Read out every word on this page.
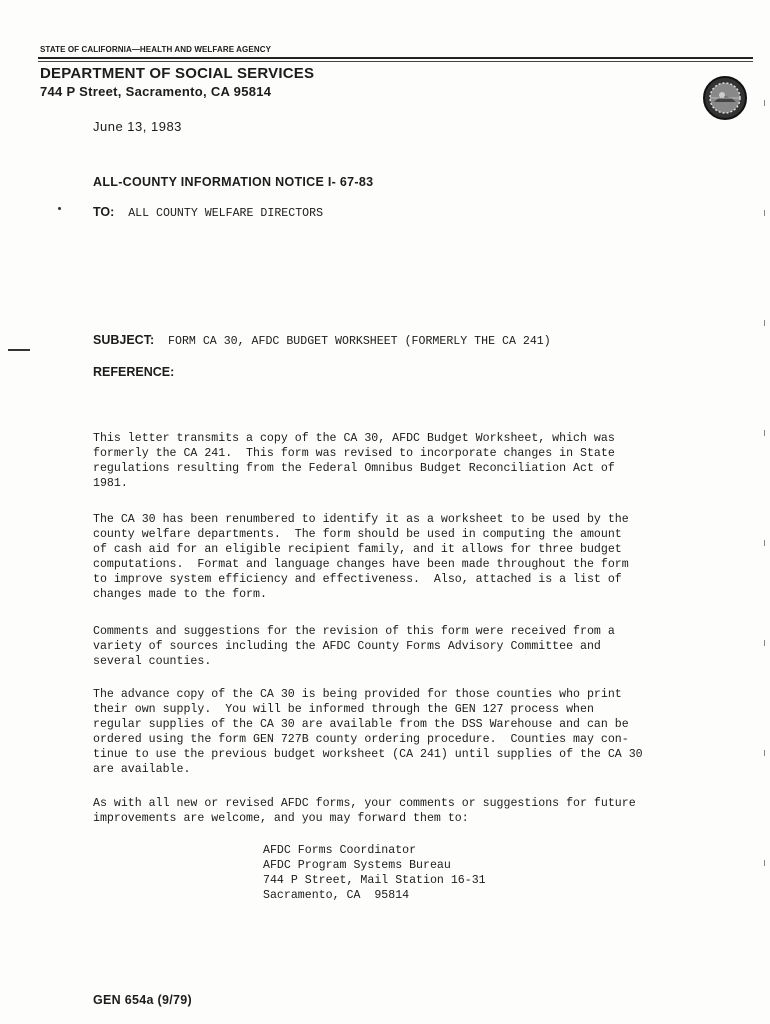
STATE OF CALIFORNIA—HEALTH AND WELFARE AGENCY
DEPARTMENT OF SOCIAL SERVICES
744 P Street, Sacramento, CA 95814
June 13, 1983
ALL-COUNTY INFORMATION NOTICE I- 67-83
TO: ALL COUNTY WELFARE DIRECTORS
SUBJECT: FORM CA 30, AFDC BUDGET WORKSHEET (FORMERLY THE CA 241)
REFERENCE:
This letter transmits a copy of the CA 30, AFDC Budget Worksheet, which was
formerly the CA 241.  This form was revised to incorporate changes in State
regulations resulting from the Federal Omnibus Budget Reconciliation Act of
1981.
The CA 30 has been renumbered to identify it as a worksheet to be used by the
county welfare departments.  The form should be used in computing the amount
of cash aid for an eligible recipient family, and it allows for three budget
computations.  Format and language changes have been made throughout the form
to improve system efficiency and effectiveness.  Also, attached is a list of
changes made to the form.
Comments and suggestions for the revision of this form were received from a
variety of sources including the AFDC County Forms Advisory Committee and
several counties.
The advance copy of the CA 30 is being provided for those counties who print
their own supply.  You will be informed through the GEN 127 process when
regular supplies of the CA 30 are available from the DSS Warehouse and can be
ordered using the form GEN 727B county ordering procedure.  Counties may con-
tinue to use the previous budget worksheet (CA 241) until supplies of the CA 30
are available.
As with all new or revised AFDC forms, your comments or suggestions for future
improvements are welcome, and you may forward them to:
AFDC Forms Coordinator
AFDC Program Systems Bureau
744 P Street, Mail Station 16-31
Sacramento, CA  95814
GEN 654a (9/79)
